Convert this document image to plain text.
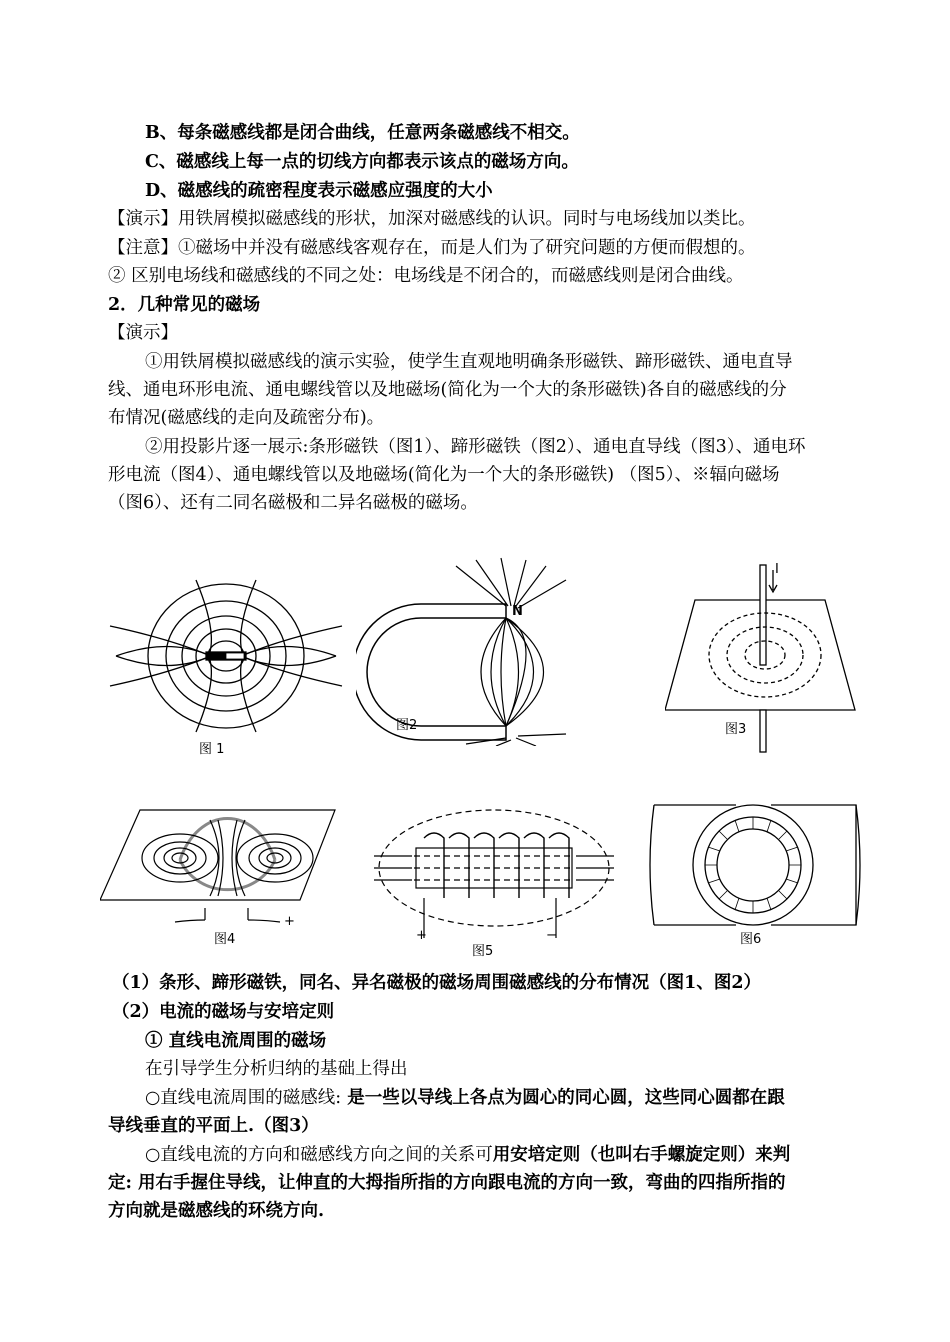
B、每条磁感线都是闭合曲线，任意两条磁感线不相交。
C、磁感线上每一点的切线方向都表示该点的磁场方向。
D、磁感线的疏密程度表示磁感应强度的大小
【演示】用铁屑模拟磁感线的形状，加深对磁感线的认识。同时与电场线加以类比。
【注意】①磁场中并没有磁感线客观存在，而是人们为了研究问题的方便而假想的。
② 区别电场线和磁感线的不同之处：电场线是不闭合的，而磁感线则是闭合曲线。
2．几种常见的磁场
【演示】
①用铁屑模拟磁感线的演示实验，使学生直观地明确条形磁铁、蹄形磁铁、通电直导
线、通电环形电流、通电螺线管以及地磁场(简化为一个大的条形磁铁)各自的磁感线的分
布情况(磁感线的走向及疏密分布)。
②用投影片逐一展示:条形磁铁（图1）、蹄形磁铁（图2）、通电直导线（图3）、通电环
形电流（图4）、通电螺线管以及地磁场(简化为一个大的条形磁铁) （图5）、※辐向磁场
（图6）、还有二同名磁极和二异名磁极的磁场。
图 1
N
图2
I
图3
+
图4	+	−
图5
图6
（1）条形、蹄形磁铁，同名、异名磁极的磁场周围磁感线的分布情况（图1、图2）
（2）电流的磁场与安培定则
① 直线电流周围的磁场
在引导学生分析归纳的基础上得出
○直线电流周围的磁感线: 是一些以导线上各点为圆心的同心圆，这些同心圆都在跟
导线垂直的平面上.（图3）
○直线电流的方向和磁感线方向之间的关系可用安培定则（也叫右手螺旋定则）来判
定: 用右手握住导线，让伸直的大拇指所指的方向跟电流的方向一致，弯曲的四指所指的
方向就是磁感线的环绕方向.
